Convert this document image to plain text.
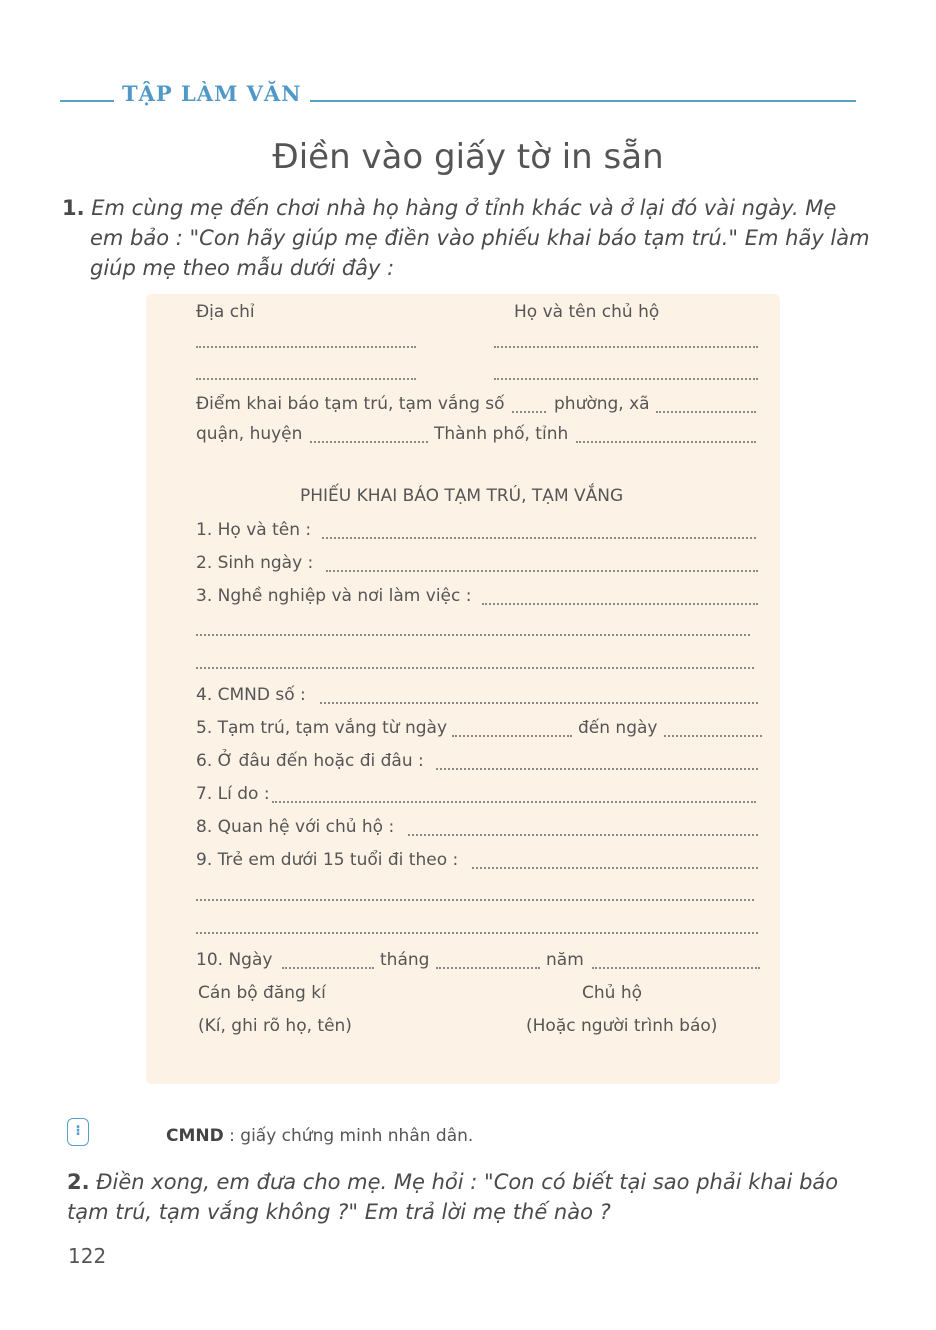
TẬP LÀM VĂN
Điền vào giấy tờ in sẵn
1. Em cùng mẹ đến chơi nhà họ hàng ở tỉnh khác và ở lại đó vài ngày. Mẹ
em bảo : "Con hãy giúp mẹ điền vào phiếu khai báo tạm trú." Em hãy làm
giúp mẹ theo mẫu dưới đây :
Địa chỉ	Họ và tên chủ hộ
Điểm khai báo tạm trú, tạm vắng số	phường, xã
quận, huyện	Thành phố, tỉnh
PHIẾU KHAI BÁO TẠM TRÚ, TẠM VẮNG
1. Họ và tên :
2. Sinh ngày :
3. Nghề nghiệp và nơi làm việc :
4. CMND số :
5. Tạm trú, tạm vắng từ ngày	đến ngày
6. Ở đâu đến hoặc đi đâu :
7. Lí do :
8. Quan hệ với chủ hộ :
9. Trẻ em dưới 15 tuổi đi theo :
10. Ngày	tháng	năm
Cán bộ đăng kí	Chủ hộ
(Kí, ghi rõ họ, tên)	(Hoặc người trình báo)
⁝	CMND : giấy chứng minh nhân dân.
2. Điền xong, em đưa cho mẹ. Mẹ hỏi : "Con có biết tại sao phải khai báo
tạm trú, tạm vắng không ?" Em trả lời mẹ thế nào ?
122
